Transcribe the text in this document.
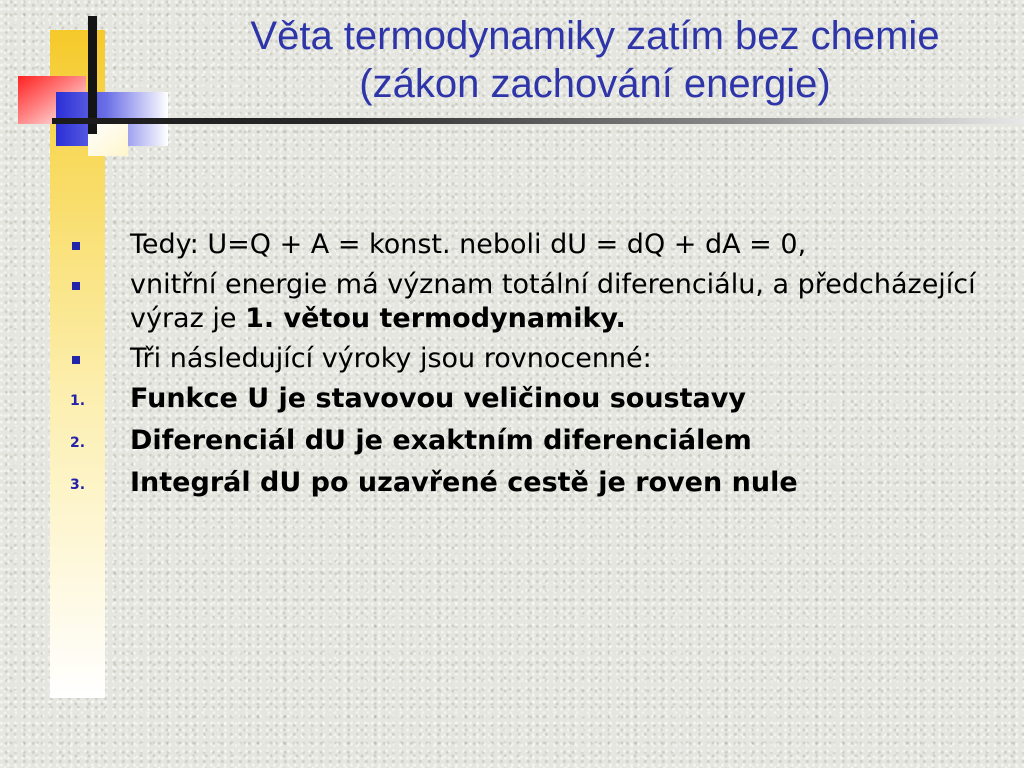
Věta termodynamiky zatím bez chemie
(zákon zachování energie)
Tedy: U=Q + A = konst. neboli dU = dQ + dA = 0,
vnitřní energie má význam totální diferenciálu, a předcházející výraz je 1. větou termodynamiky.
Tři následující výroky jsou rovnocenné:
1. Funkce U je stavovou veličinou soustavy
2. Diferenciál dU je exaktním diferenciálem
3. Integrál dU po uzavřené cestě je roven nule
